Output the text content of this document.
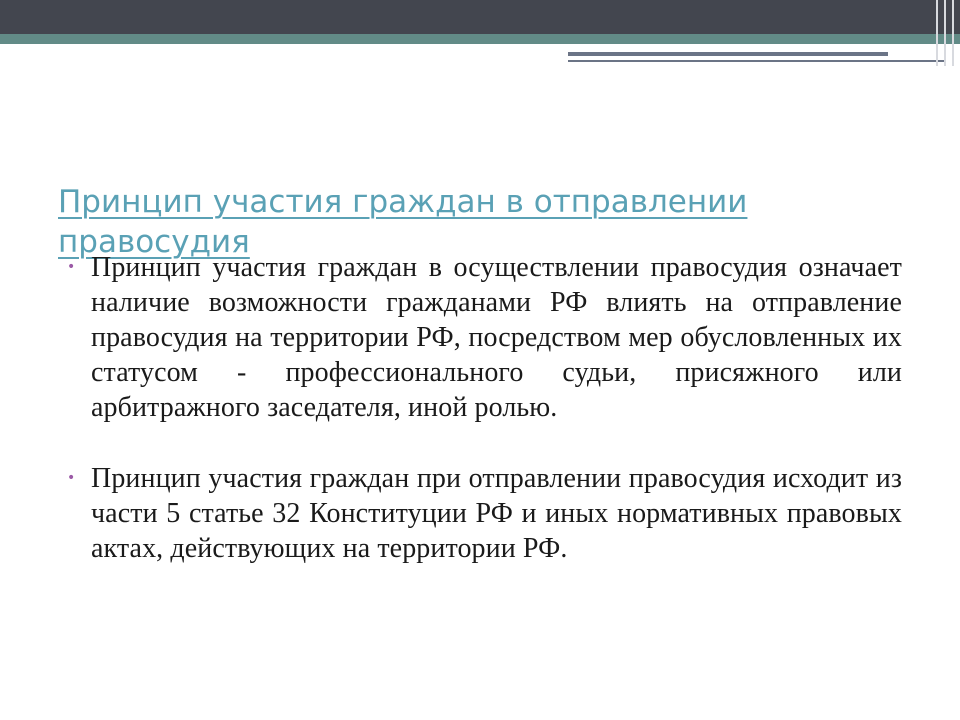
Принцип участия граждан в отправлении правосудия
• Принцип участия граждан в осуществлении правосудия означает наличие возможности гражданами РФ влиять на отправление правосудия на территории РФ, посредством мер обусловленных их статусом - профессионального судьи, присяжного или арбитражного заседателя, иной ролью.
• Принцип участия граждан при отправлении правосудия исходит из части 5 статье 32 Конституции РФ и иных нормативных правовых актах, действующих на территории РФ.
